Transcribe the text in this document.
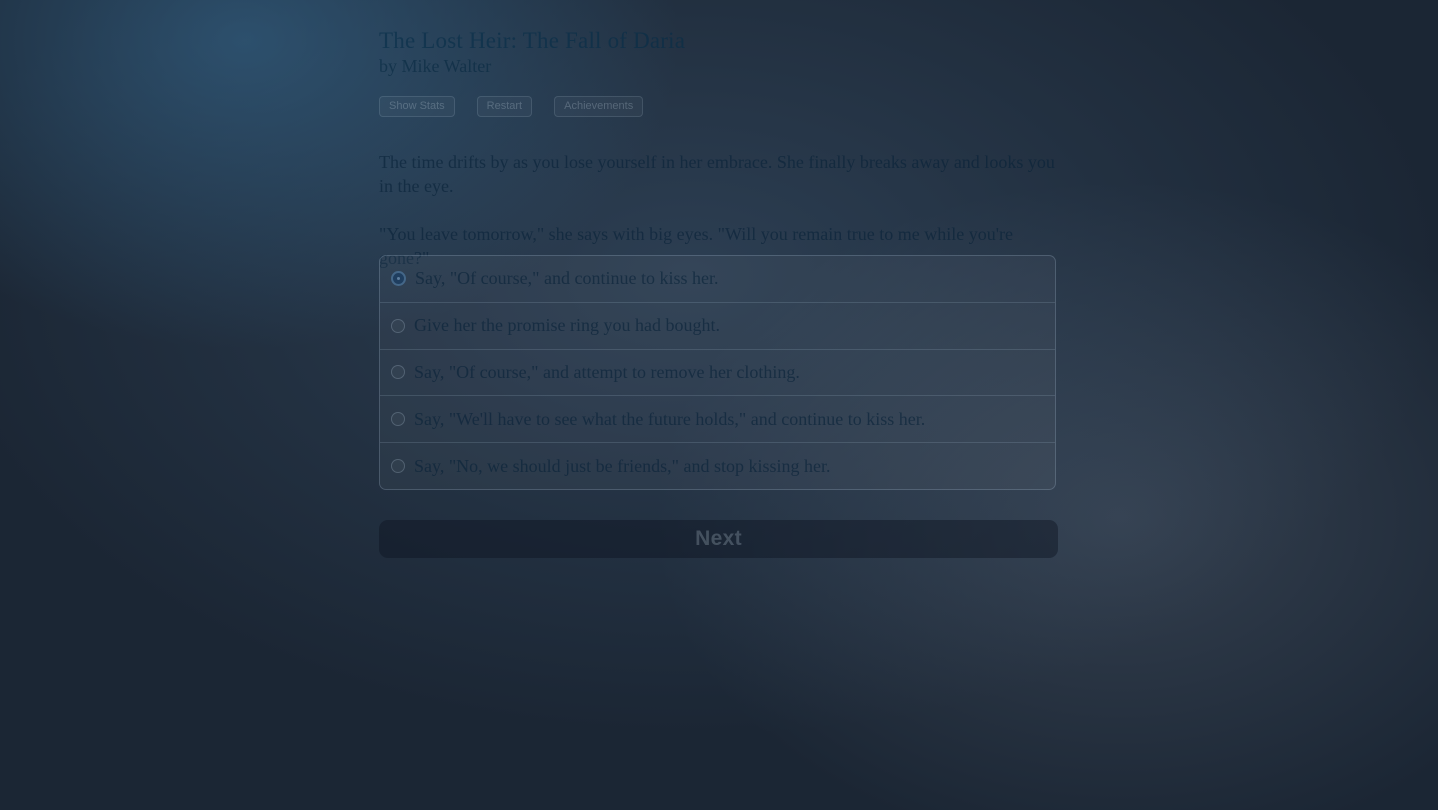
The Lost Heir: The Fall of Daria
by Mike Walter
Show Stats	Restart	Achievements

The time drifts by as you lose yourself in her embrace. She finally breaks away and looks you in the eye.

"You leave tomorrow," she says with big eyes. "Will you remain true to me while you're gone?"

Say, "Of course," and continue to kiss her.
Give her the promise ring you had bought.
Say, "Of course," and attempt to remove her clothing.
Say, "We'll have to see what the future holds," and continue to kiss her.
Say, "No, we should just be friends," and stop kissing her.
Next
